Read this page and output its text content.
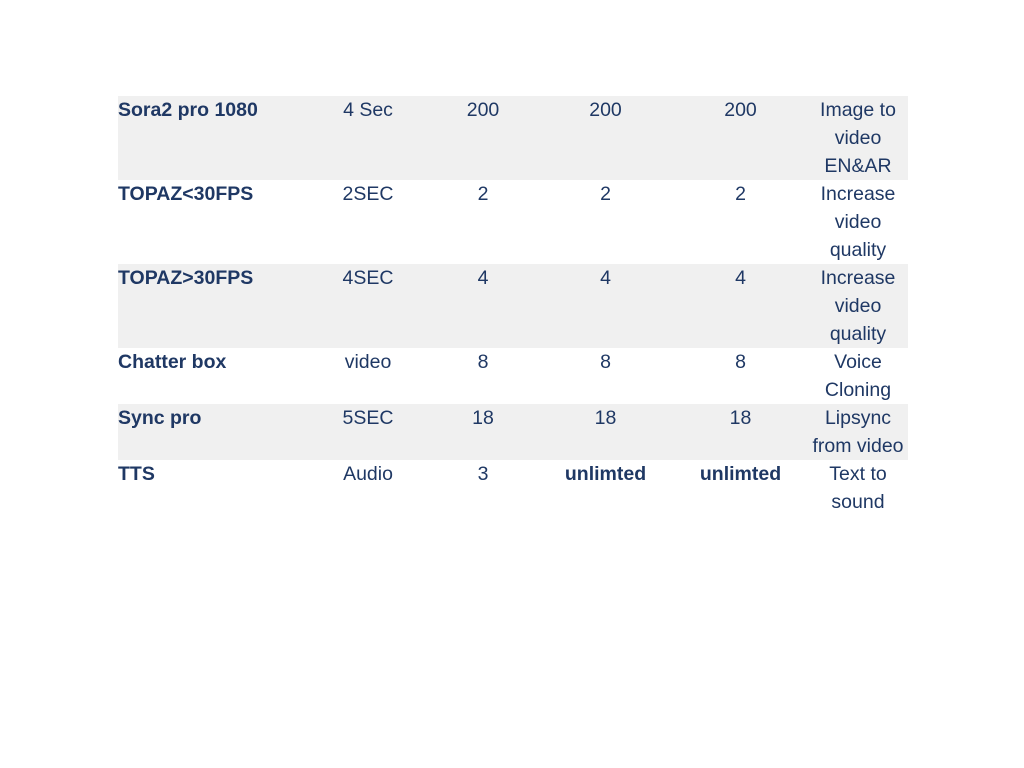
Sora2 pro 1080	4 Sec	200	200	200	Image to video EN&AR
TOPAZ<30FPS	2SEC	2	2	2	Increase video quality
TOPAZ>30FPS	4SEC	4	4	4	Increase video quality
Chatter box	video	8	8	8	Voice Cloning
Sync pro	5SEC	18	18	18	Lipsync from video
TTS	Audio	3	unlimted	unlimted	Text to sound
